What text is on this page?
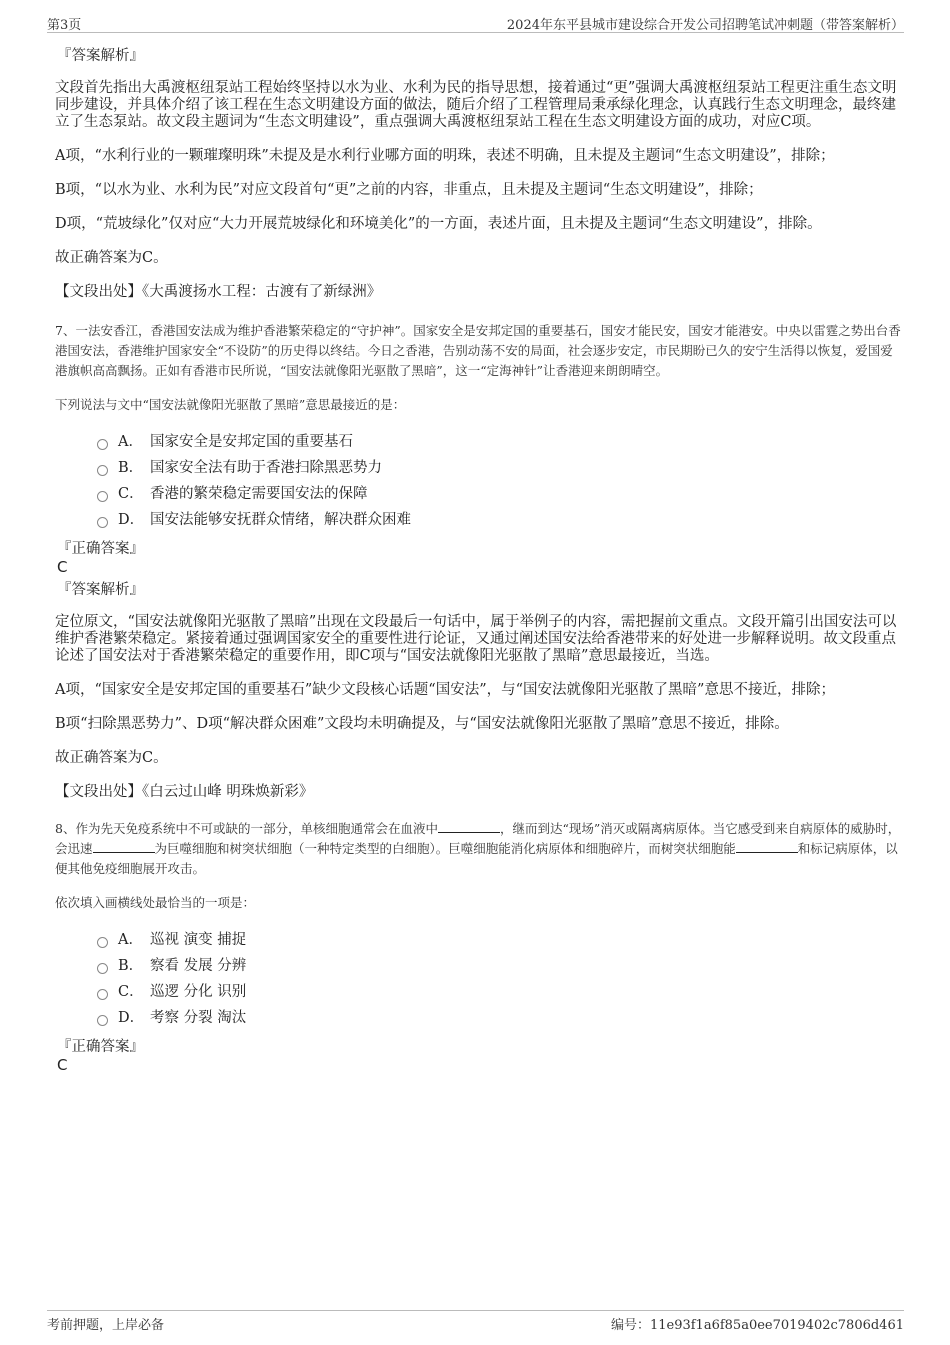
第3页	2024年东平县城市建设综合开发公司招聘笔试冲刺题（带答案解析）
『答案解析』

文段首先指出大禹渡枢纽泵站工程始终坚持以水为业、水利为民的指导思想，接着通过“更”强调大禹渡枢纽泵站工程更注重生态文明同步建设，并具体介绍了该工程在生态文明建设方面的做法，随后介绍了工程管理局秉承绿化理念，认真践行生态文明理念，最终建立了生态泵站。故文段主题词为“生态文明建设”，重点强调大禹渡枢纽泵站工程在生态文明建设方面的成功，对应C项。

A项，“水利行业的一颗璀璨明珠”未提及是水利行业哪方面的明珠，表述不明确，且未提及主题词“生态文明建设”，排除；

B项，“以水为业、水利为民”对应文段首句“更”之前的内容，非重点，且未提及主题词“生态文明建设”，排除；

D项，“荒坡绿化”仅对应“大力开展荒坡绿化和环境美化”的一方面，表述片面，且未提及主题词“生态文明建设”，排除。

故正确答案为C。

【文段出处】《大禹渡扬水工程：古渡有了新绿洲》

7、一法安香江，香港国安法成为维护香港繁荣稳定的“守护神”。国家安全是安邦定国的重要基石，国安才能民安，国安才能港安。中央以雷霆之势出台香港国安法，香港维护国家安全“不设防”的历史得以终结。今日之香港，告别动荡不安的局面，社会逐步安定，市民期盼已久的安宁生活得以恢复，爱国爱港旗帜高高飘扬。正如有香港市民所说，“国安法就像阳光驱散了黑暗”，这一“定海神针”让香港迎来朗朗晴空。

下列说法与文中“国安法就像阳光驱散了黑暗”意思最接近的是：

A． 国家安全是安邦定国的重要基石
B． 国家安全法有助于香港扫除黑恶势力
C． 香港的繁荣稳定需要国安法的保障
D． 国安法能够安抚群众情绪，解决群众困难
『正确答案』
C
『答案解析』

定位原文，“国安法就像阳光驱散了黑暗”出现在文段最后一句话中，属于举例子的内容，需把握前文重点。文段开篇引出国安法可以维护香港繁荣稳定。紧接着通过强调国家安全的重要性进行论证，又通过阐述国安法给香港带来的好处进一步解释说明。故文段重点论述了国安法对于香港繁荣稳定的重要作用，即C项与“国安法就像阳光驱散了黑暗”意思最接近，当选。

A项，“国家安全是安邦定国的重要基石”缺少文段核心话题“国安法”，与“国安法就像阳光驱散了黑暗”意思不接近，排除；

B项“扫除黑恶势力”、D项“解决群众困难”文段均未明确提及，与“国安法就像阳光驱散了黑暗”意思不接近，排除。

故正确答案为C。

【文段出处】《白云过山峰 明珠焕新彩》

8、作为先天免疫系统中不可或缺的一部分，单核细胞通常会在血液中	，继而到达“现场”消灭或隔离病原体。当它感受到来自病原体的威胁时，会迅速	为巨噬细胞和树突状细胞（一种特定类型的白细胞）。巨噬细胞能消化病原体和细胞碎片，而树突状细胞能	和标记病原体，以便其他免疫细胞展开攻击。

依次填入画横线处最恰当的一项是：

A． 巡视 演变 捕捉
B． 察看 发展 分辨
C． 巡逻 分化 识别
D． 考察 分裂 淘汰
『正确答案』
C
考前押题，上岸必备	编号：11e93f1a6f85a0ee7019402c7806d461
